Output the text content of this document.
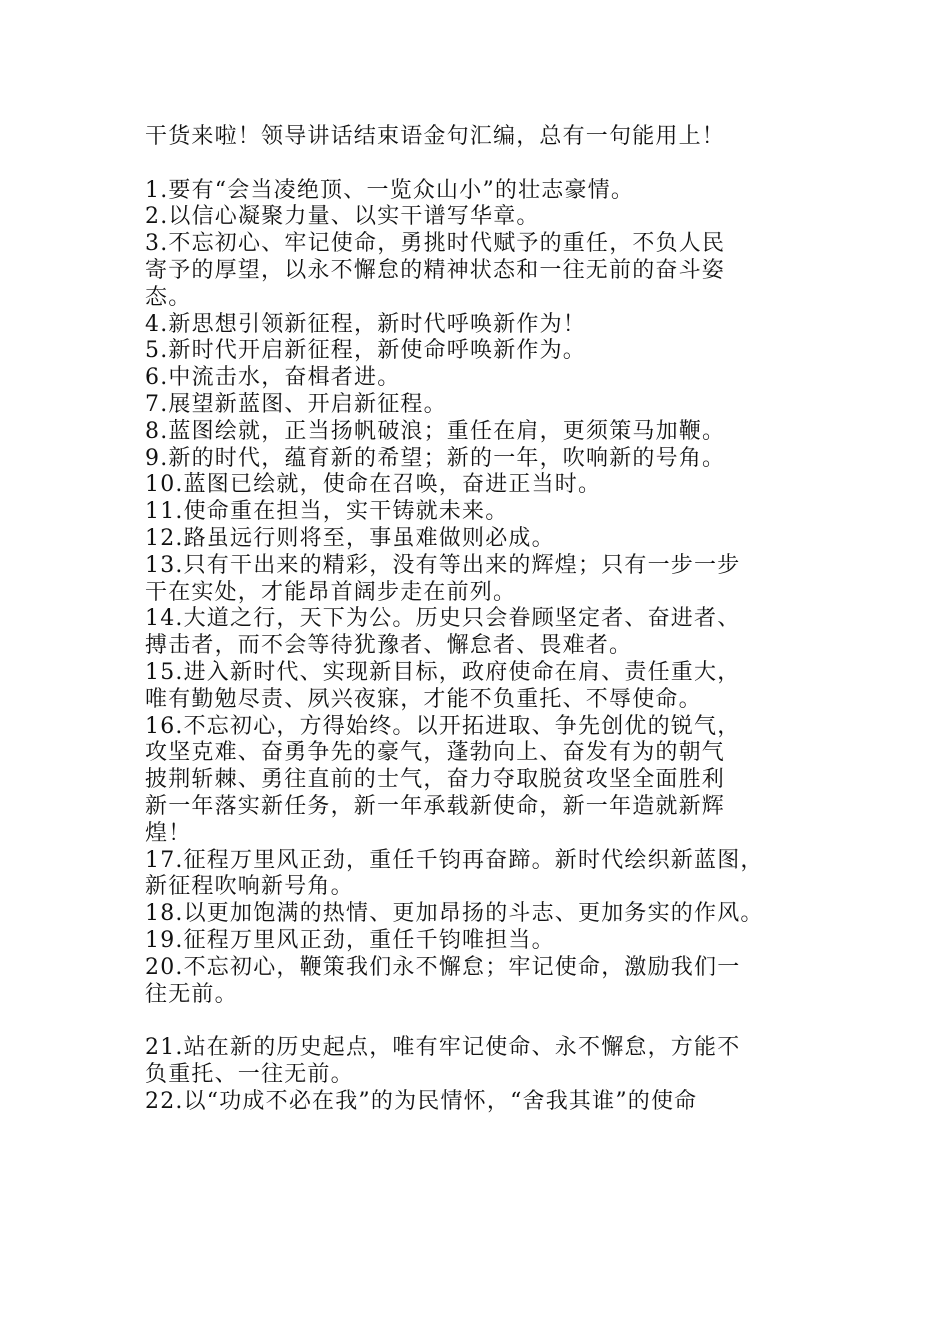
干货来啦！领导讲话结束语金句汇编，总有一句能用上！
1.要有“会当凌绝顶、一览众山小”的壮志豪情。
2.以信心凝聚力量、以实干谱写华章。
3.不忘初心、牢记使命，勇挑时代赋予的重任，不负人民
寄予的厚望，以永不懈怠的精神状态和一往无前的奋斗姿
态。
4.新思想引领新征程，新时代呼唤新作为！
5.新时代开启新征程，新使命呼唤新作为。
6.中流击水，奋楫者进。
7.展望新蓝图、开启新征程。
8.蓝图绘就，正当扬帆破浪；重任在肩，更须策马加鞭。
9.新的时代，蕴育新的希望；新的一年，吹响新的号角。
10.蓝图已绘就，使命在召唤，奋进正当时。
11.使命重在担当，实干铸就未来。
12.路虽远行则将至，事虽难做则必成。
13.只有干出来的精彩，没有等出来的辉煌；只有一步一步
干在实处，才能昂首阔步走在前列。
14.大道之行，天下为公。历史只会眷顾坚定者、奋进者、
搏击者，而不会等待犹豫者、懈怠者、畏难者。
15.进入新时代、实现新目标，政府使命在肩、责任重大，
唯有勤勉尽责、夙兴夜寐，才能不负重托、不辱使命。
16.不忘初心，方得始终。以开拓进取、争先创优的锐气，
攻坚克难、奋勇争先的豪气，蓬勃向上、奋发有为的朝气
披荆斩棘、勇往直前的士气，奋力夺取脱贫攻坚全面胜利
新一年落实新任务，新一年承载新使命，新一年造就新辉
煌！
17.征程万里风正劲，重任千钧再奋蹄。新时代绘织新蓝图，
新征程吹响新号角。
18.以更加饱满的热情、更加昂扬的斗志、更加务实的作风。
19.征程万里风正劲，重任千钧唯担当。
20.不忘初心，鞭策我们永不懈怠；牢记使命，激励我们一
往无前。
21.站在新的历史起点，唯有牢记使命、永不懈怠，方能不
负重托、一往无前。
22.以“功成不必在我”的为民情怀，“舍我其谁”的使命
